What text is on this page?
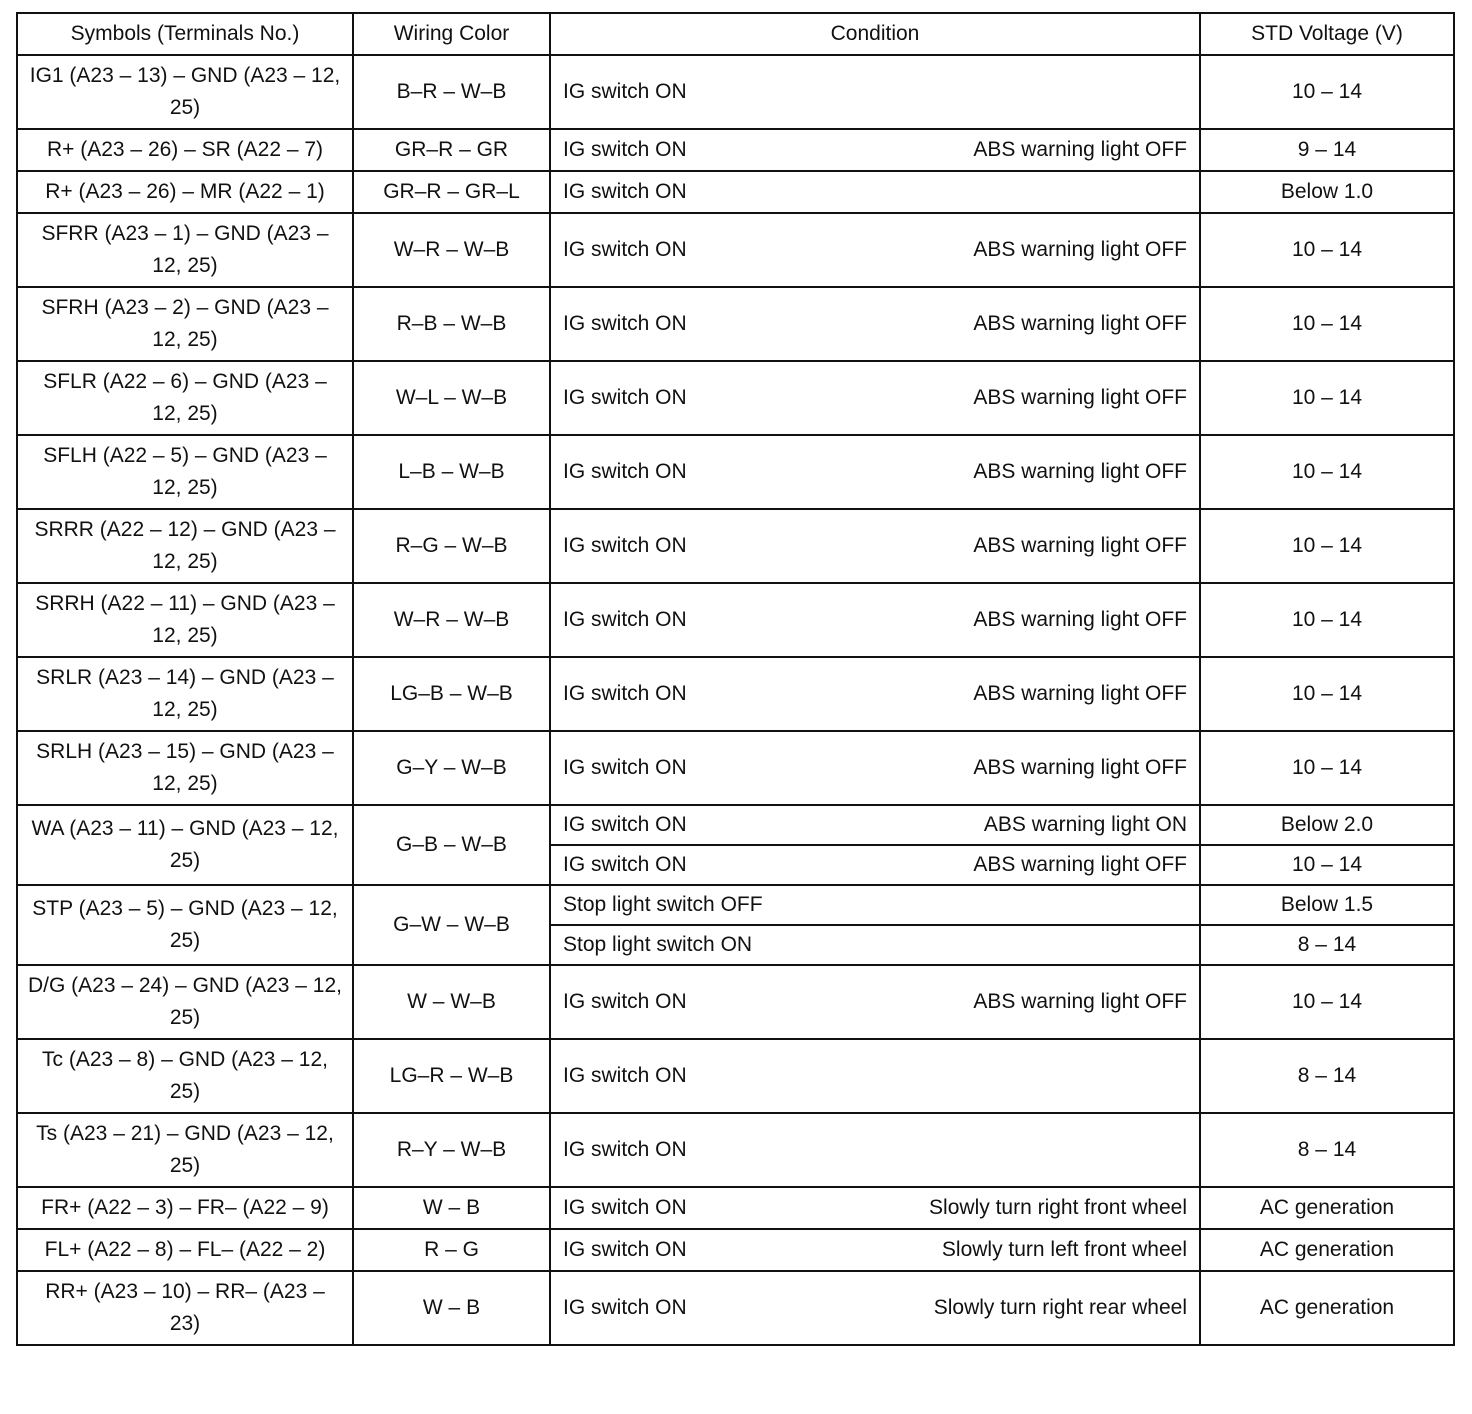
Symbols (Terminals No.)	Wiring Color	Condition	STD Voltage (V)
IG1 (A23 – 13) – GND (A23 – 12, 25)	B–R – W–B	IG switch ON	10 – 14
R+ (A23 – 26) – SR (A22 – 7)	GR–R – GR	IG switch ON ABS warning light OFF	9 – 14
R+ (A23 – 26) – MR (A22 – 1)	GR–R – GR–L	IG switch ON	Below 1.0
SFRR (A23 – 1) – GND (A23 – 12, 25)	W–R – W–B	IG switch ON ABS warning light OFF	10 – 14
SFRH (A23 – 2) – GND (A23 – 12, 25)	R–B – W–B	IG switch ON ABS warning light OFF	10 – 14
SFLR (A22 – 6) – GND (A23 – 12, 25)	W–L – W–B	IG switch ON ABS warning light OFF	10 – 14
SFLH (A22 – 5) – GND (A23 – 12, 25)	L–B – W–B	IG switch ON ABS warning light OFF	10 – 14
SRRR (A22 – 12) – GND (A23 – 12, 25)	R–G – W–B	IG switch ON ABS warning light OFF	10 – 14
SRRH (A22 – 11) – GND (A23 – 12, 25)	W–R – W–B	IG switch ON ABS warning light OFF	10 – 14
SRLR (A23 – 14) – GND (A23 – 12, 25)	LG–B – W–B	IG switch ON ABS warning light OFF	10 – 14
SRLH (A23 – 15) – GND (A23 – 12, 25)	G–Y – W–B	IG switch ON ABS warning light OFF	10 – 14
WA (A23 – 11) – GND (A23 – 12, 25)	G–B – W–B	IG switch ON ABS warning light ON	Below 2.0

		IG switch ON ABS warning light OFF	10 – 14
STP (A23 – 5) – GND (A23 – 12, 25)	G–W – W–B	Stop light switch OFF	Below 1.5

		Stop light switch ON	8 – 14
D/G (A23 – 24) – GND (A23 – 12, 25)	W – W–B	IG switch ON ABS warning light OFF	10 – 14
Tc (A23 – 8) – GND (A23 – 12, 25)	LG–R – W–B	IG switch ON	8 – 14
Ts (A23 – 21) – GND (A23 – 12, 25)	R–Y – W–B	IG switch ON	8 – 14
FR+ (A22 – 3) – FR– (A22 – 9)	W – B	IG switch ON Slowly turn right front wheel	AC generation
FL+ (A22 – 8) – FL– (A22 – 2)	R – G	IG switch ON Slowly turn left front wheel	AC generation
RR+ (A23 – 10) – RR– (A23 – 23)	W – B	IG switch ON Slowly turn right rear wheel	AC generation
